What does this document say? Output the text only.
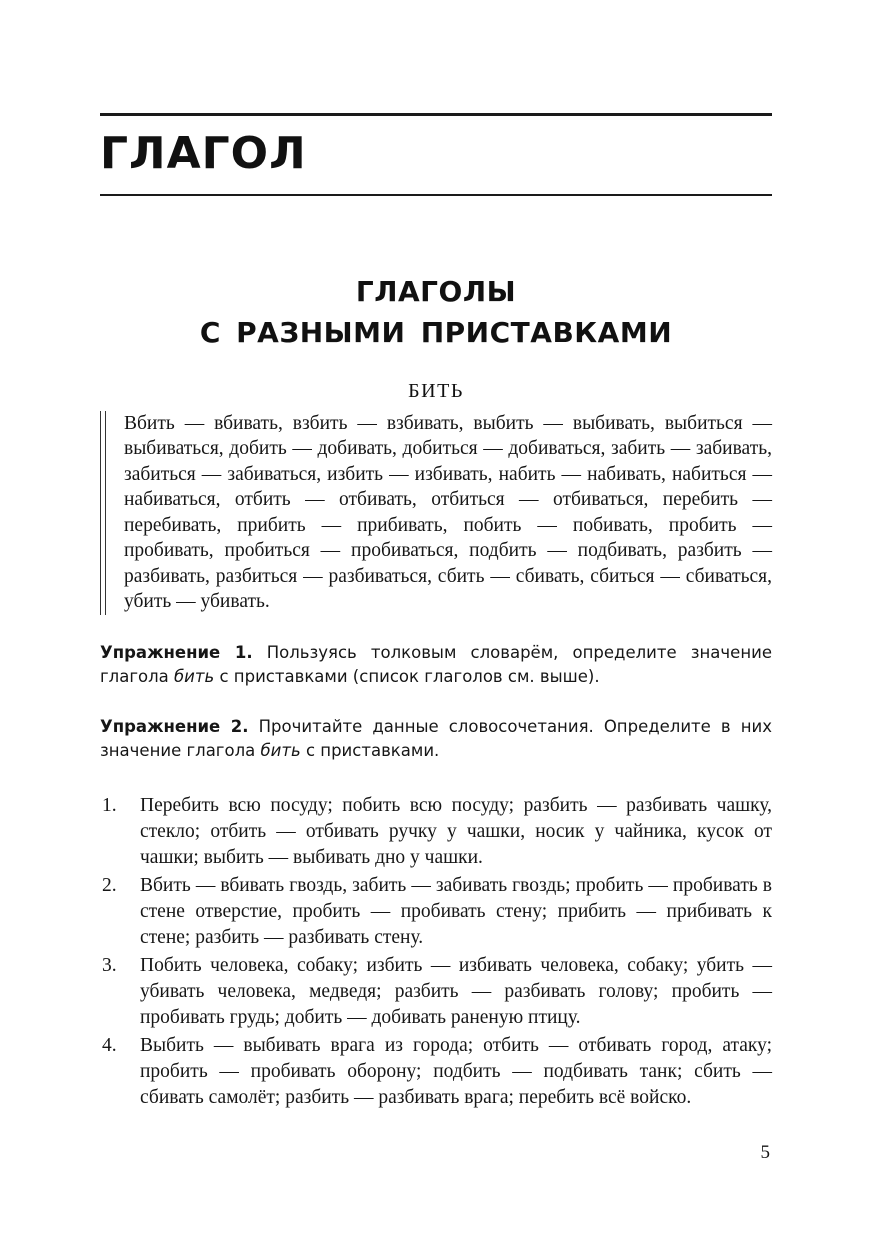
ГЛАГОЛ
ГЛАГОЛЫ
С РАЗНЫМИ ПРИСТАВКАМИ
БИТЬ

Вбить — вбивать, взбить — взбивать, выбить — выбивать, выбиться — выбиваться, добить — добивать, добиться — добиваться, забить — забивать, забиться — забиваться, избить — избивать, набить — набивать, набиться — набиваться, отбить — отбивать, отбиться — отбиваться, перебить — перебивать, прибить — прибивать, побить — побивать, пробить — пробивать, пробиться — пробиваться, подбить — подбивать, разбить — разбивать, разбиться — разбиваться, сбить — сбивать, сбиться — сбиваться, убить — убивать.

Упражнение 1. Пользуясь толковым словарём, определите значение глагола бить с приставками (список глаголов см. выше).

Упражнение 2. Прочитайте данные словосочетания. Определите в них значение глагола бить с приставками.

1. Перебить всю посуду; побить всю посуду; разбить — разбивать чашку, стекло; отбить — отбивать ручку у чашки, носик у чайника, кусок от чашки; выбить — выбивать дно у чашки.
2. Вбить — вбивать гвоздь, забить — забивать гвоздь; пробить — пробивать в стене отверстие, пробить — пробивать стену; прибить — прибивать к стене; разбить — разбивать стену.
3. Побить человека, собаку; избить — избивать человека, собаку; убить — убивать человека, медведя; разбить — разбивать голову; пробить — пробивать грудь; добить — добивать раненую птицу.
4. Выбить — выбивать врага из города; отбить — отбивать город, атаку; пробить — пробивать оборону; подбить — подбивать танк; сбить — сбивать самолёт; разбить — разбивать врага; перебить всё войско.
5
